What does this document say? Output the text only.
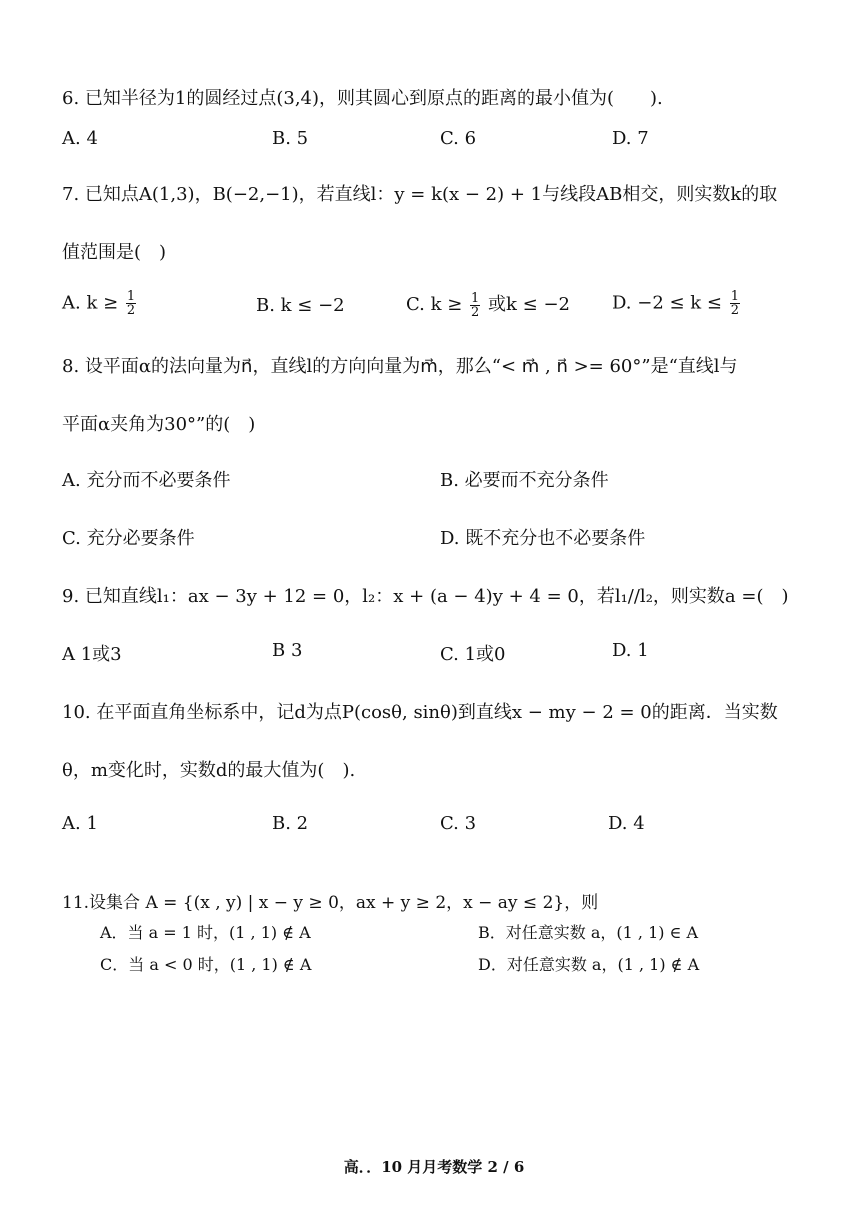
6. 已知半径为1的圆经过点(3,4)，则其圆心到原点的距离的最小值为(　　).
A. 4	B. 5	C. 6	D. 7
7. 已知点A(1,3)，B(−2,−1)，若直线l：y = k(x − 2) + 1与线段AB相交，则实数k的取
值范围是(　)
A. $k \ge \frac{1}{2}$	B. k ≤ −2	C. $k \ge \frac{1}{2}$ 或k ≤ −2 D. $-2 \le k \le \frac{1}{2}$
8. 设平面α的法向量为n⃗，直线l的方向向量为m⃗，那么“< m⃗ , n⃗ >= 60°”是“直线l与
平面α夹角为30°”的(　)
A. 充分而不必要条件	B. 必要而不充分条件
C. 充分必要条件	D. 既不充分也不必要条件
9. 已知直线l₁：ax − 3y + 12 = 0，l₂：x + (a − 4)y + 4 = 0，若l₁//l₂，则实数a =(　)
A 1或3	B 3	C. 1或0	D. 1
10. 在平面直角坐标系中，记d为点P(cosθ, sinθ)到直线x − my − 2 = 0的距离．当实数
θ，m变化时，实数d的最大值为(　).
A. 1	B. 2	C. 3	D. 4
11.设集合 A = {(x , y) | x − y ≥ 0，ax + y ≥ 2，x − ay ≤ 2}，则
A．当 a = 1 时，(1 , 1) ∉ A	B．对任意实数 a，(1 , 1) ∈ A
C．当 a < 0 时，(1 , 1) ∉ A	D．对任意实数 a，(1 , 1) ∉ A
高．．10 月月考数学 2 / 6
